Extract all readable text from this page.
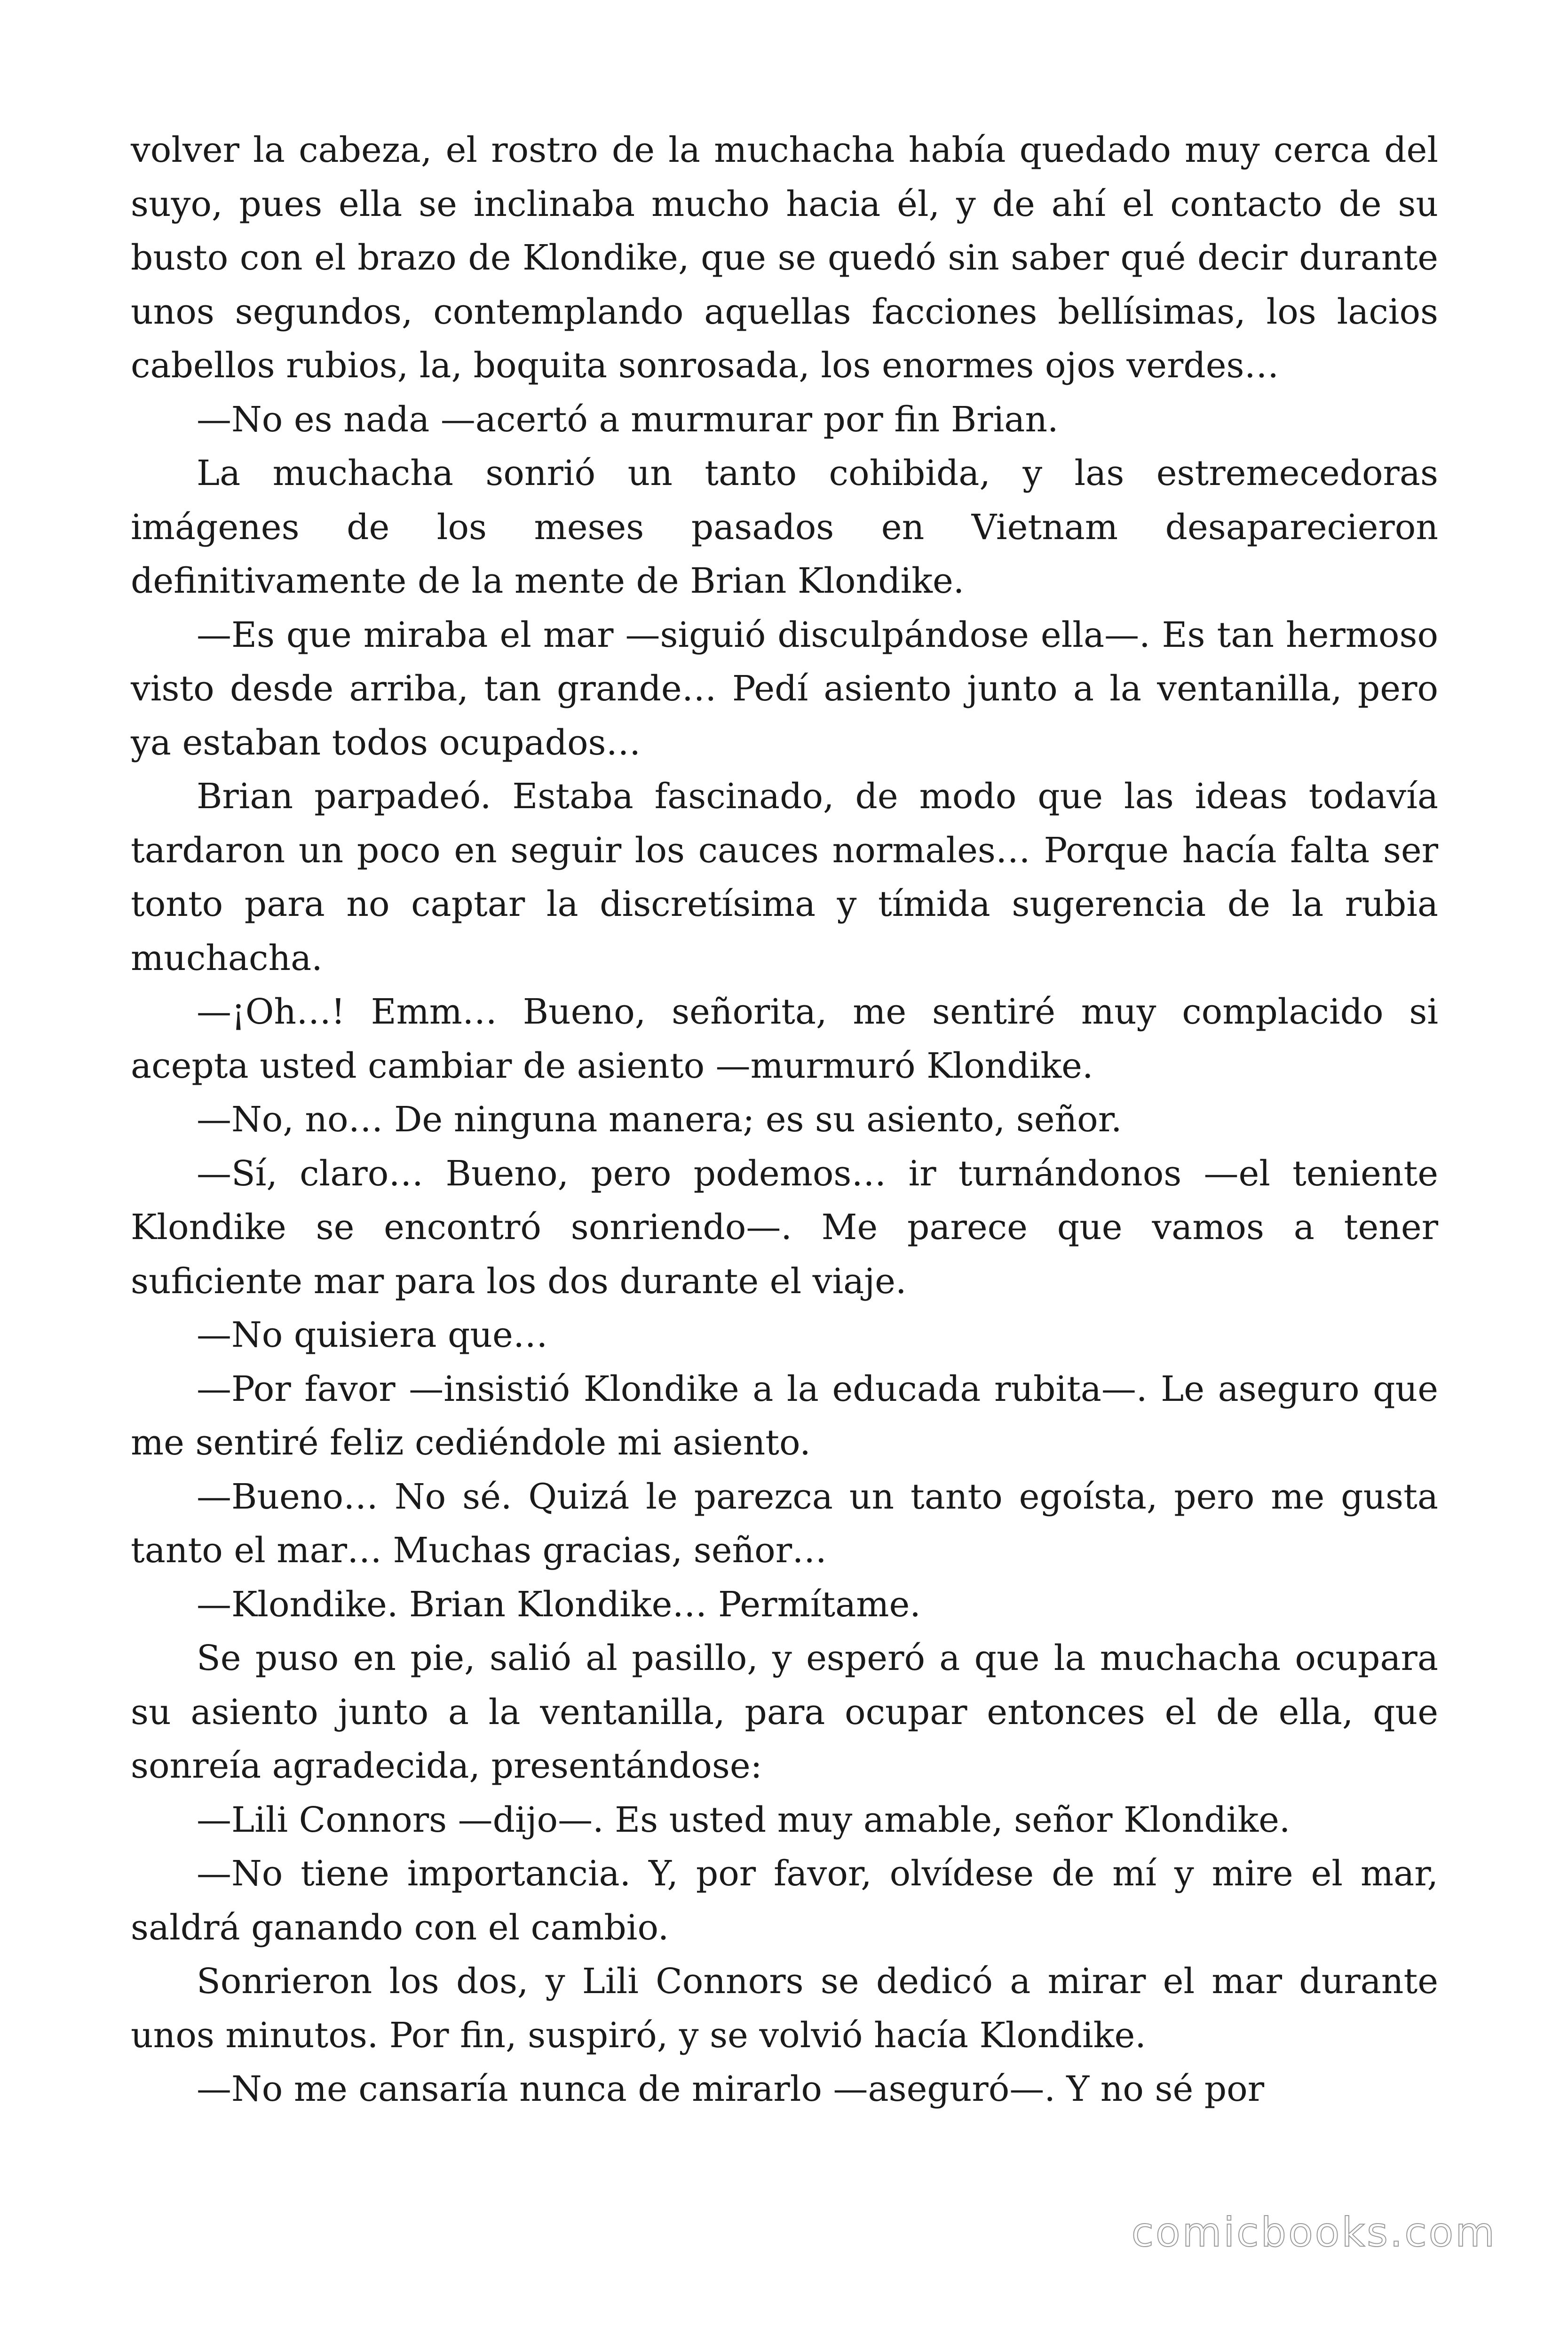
volver la cabeza, el rostro de la muchacha había quedado muy cerca del suyo, pues ella se inclinaba mucho hacia él, y de ahí el contacto de su busto con el brazo de Klondike, que se quedó sin saber qué decir durante unos segundos, contemplando aquellas facciones bellísimas, los lacios cabellos rubios, la, boquita sonrosada, los enormes ojos verdes…

—No es nada —acertó a murmurar por fin Brian.

La muchacha sonrió un tanto cohibida, y las estremecedoras imágenes de los meses pasados en Vietnam desaparecieron definitivamente de la mente de Brian Klondike.

—Es que miraba el mar —siguió disculpándose ella—. Es tan hermoso visto desde arriba, tan grande… Pedí asiento junto a la ventanilla, pero ya estaban todos ocupados…

Brian parpadeó. Estaba fascinado, de modo que las ideas todavía tardaron un poco en seguir los cauces normales… Porque hacía falta ser tonto para no captar la discretísima y tímida sugerencia de la rubia muchacha.

—¡Oh…! Emm… Bueno, señorita, me sentiré muy complacido si acepta usted cambiar de asiento —murmuró Klondike.

—No, no… De ninguna manera; es su asiento, señor.

—Sí, claro… Bueno, pero podemos… ir turnándonos —el teniente Klondike se encontró sonriendo—. Me parece que vamos a tener suficiente mar para los dos durante el viaje.

—No quisiera que…

—Por favor —insistió Klondike a la educada rubita—. Le aseguro que me sentiré feliz cediéndole mi asiento.

—Bueno… No sé. Quizá le parezca un tanto egoísta, pero me gusta tanto el mar… Muchas gracias, señor…

—Klondike. Brian Klondike… Permítame.

Se puso en pie, salió al pasillo, y esperó a que la muchacha ocupara su asiento junto a la ventanilla, para ocupar entonces el de ella, que sonreía agradecida, presentándose:

—Lili Connors —dijo—. Es usted muy amable, señor Klondike.

—No tiene importancia. Y, por favor, olvídese de mí y mire el mar, saldrá ganando con el cambio.

Sonrieron los dos, y Lili Connors se dedicó a mirar el mar durante unos minutos. Por fin, suspiró, y se volvió hacía Klondike.

—No me cansaría nunca de mirarlo —aseguró—. Y no sé por

comicbooks.com
